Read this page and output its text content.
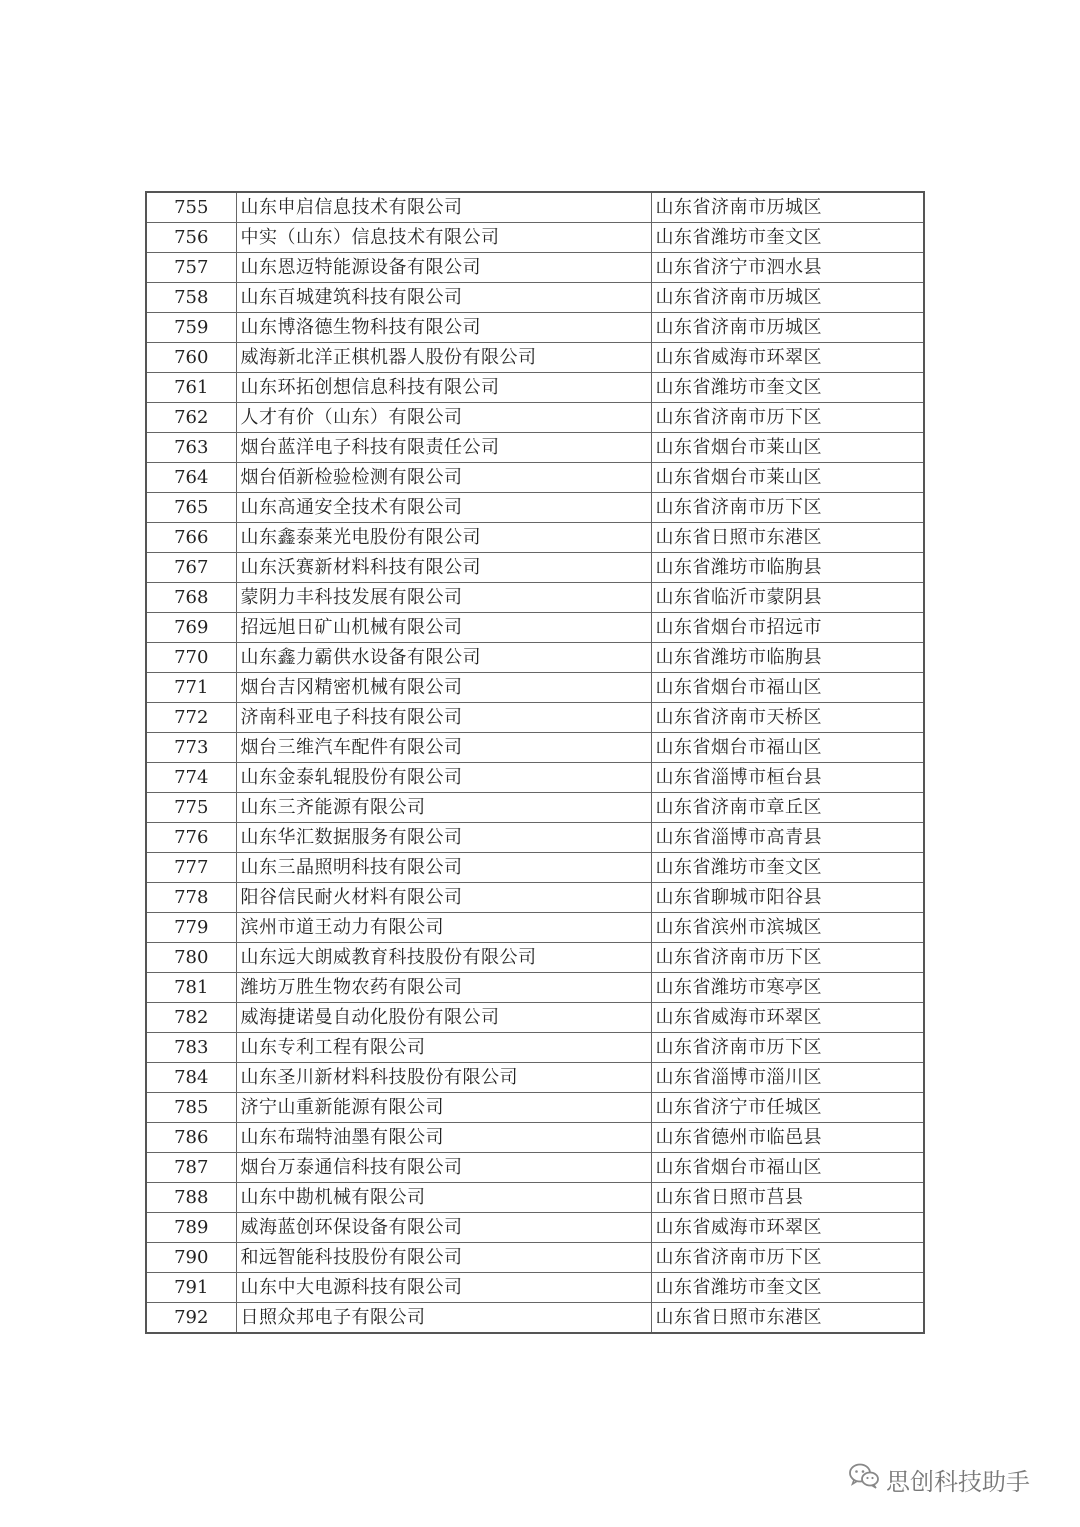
755	山东申启信息技术有限公司	山东省济南市历城区
756	中实（山东）信息技术有限公司	山东省潍坊市奎文区
757	山东恩迈特能源设备有限公司	山东省济宁市泗水县
758	山东百城建筑科技有限公司	山东省济南市历城区
759	山东博洛德生物科技有限公司	山东省济南市历城区
760	威海新北洋正棋机器人股份有限公司	山东省威海市环翠区
761	山东环拓创想信息科技有限公司	山东省潍坊市奎文区
762	人才有价（山东）有限公司	山东省济南市历下区
763	烟台蓝洋电子科技有限责任公司	山东省烟台市莱山区
764	烟台佰新检验检测有限公司	山东省烟台市莱山区
765	山东高通安全技术有限公司	山东省济南市历下区
766	山东鑫泰莱光电股份有限公司	山东省日照市东港区
767	山东沃赛新材料科技有限公司	山东省潍坊市临朐县
768	蒙阴力丰科技发展有限公司	山东省临沂市蒙阴县
769	招远旭日矿山机械有限公司	山东省烟台市招远市
770	山东鑫力霸供水设备有限公司	山东省潍坊市临朐县
771	烟台吉冈精密机械有限公司	山东省烟台市福山区
772	济南科亚电子科技有限公司	山东省济南市天桥区
773	烟台三维汽车配件有限公司	山东省烟台市福山区
774	山东金泰轧辊股份有限公司	山东省淄博市桓台县
775	山东三齐能源有限公司	山东省济南市章丘区
776	山东华汇数据服务有限公司	山东省淄博市高青县
777	山东三晶照明科技有限公司	山东省潍坊市奎文区
778	阳谷信民耐火材料有限公司	山东省聊城市阳谷县
779	滨州市道王动力有限公司	山东省滨州市滨城区
780	山东远大朗威教育科技股份有限公司	山东省济南市历下区
781	潍坊万胜生物农药有限公司	山东省潍坊市寒亭区
782	威海捷诺曼自动化股份有限公司	山东省威海市环翠区
783	山东专利工程有限公司	山东省济南市历下区
784	山东圣川新材料科技股份有限公司	山东省淄博市淄川区
785	济宁山重新能源有限公司	山东省济宁市任城区
786	山东布瑞特油墨有限公司	山东省德州市临邑县
787	烟台万泰通信科技有限公司	山东省烟台市福山区
788	山东中勘机械有限公司	山东省日照市莒县
789	威海蓝创环保设备有限公司	山东省威海市环翠区
790	和远智能科技股份有限公司	山东省济南市历下区
791	山东中大电源科技有限公司	山东省潍坊市奎文区
792	日照众邦电子有限公司	山东省日照市东港区
思创科技助手
